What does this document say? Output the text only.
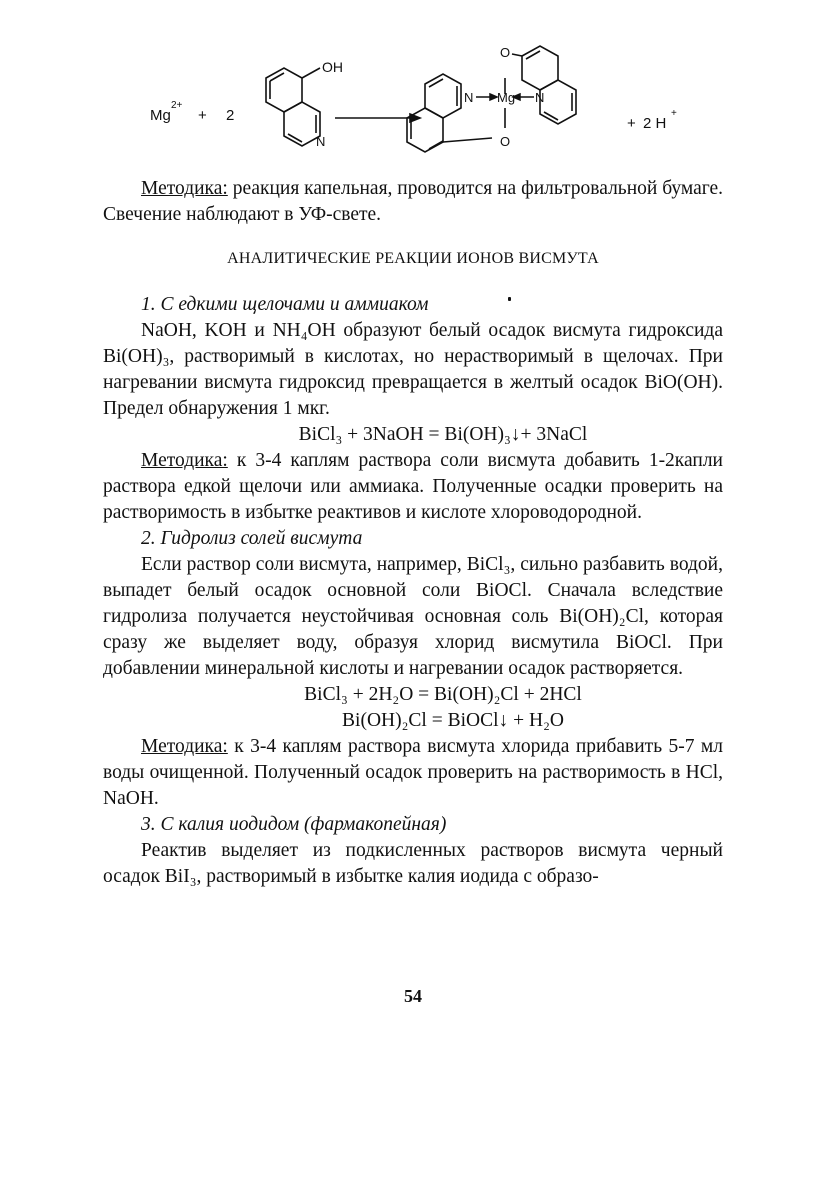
Mg
2+
+ 2
OH
N
N Mg N
O
O
+ 2 H
+

Методика: реакция капельная, проводится на фильтровальной бумаге. Свечение наблюдают в УФ-свете.

АНАЛИТИЧЕСКИЕ РЕАКЦИИ ИОНОВ ВИСМУТА

1. С едкими щелочами и аммиаком

NaOH, KOH и NH₄OH образуют белый осадок висмута гидроксида Bi(OH)₃, растворимый в кислотах, но нерастворимый в щелочах. При нагревании висмута гидроксид превращается в желтый осадок BiO(OH). Предел обнаружения 1 мкг.

BiCl₃ + 3NaOH = Bi(OH)₃↓+ 3NaCl

Методика: к 3-4 каплям раствора соли висмута добавить 1-2капли раствора едкой щелочи или аммиака. Полученные осадки проверить на растворимость в избытке реактивов и кислоте хлороводородной.

2. Гидролиз солей висмута

Если раствор соли висмута, например, BiCl₃, сильно разбавить водой, выпадет белый осадок основной соли BiOCl. Сначала вследствие гидролиза получается неустойчивая основная соль Bi(OH)₂Cl, которая сразу же выделяет воду, образуя хлорид висмутила BiOCl. При добавлении минеральной кислоты и нагревании осадок растворяется.

BiCl₃ + 2H₂O = Bi(OH)₂Cl + 2HCl

Bi(OH)₂Cl = BiOCl↓ + H₂O

Методика: к 3-4 каплям раствора висмута хлорида прибавить 5-7 мл воды очищенной. Полученный осадок проверить на растворимость в HCl, NaOH.

3. С калия иодидом (фармакопейная)

Реактив выделяет из подкисленных растворов висмута черный осадок BiI₃, растворимый в избытке калия иодида с образо-

54
